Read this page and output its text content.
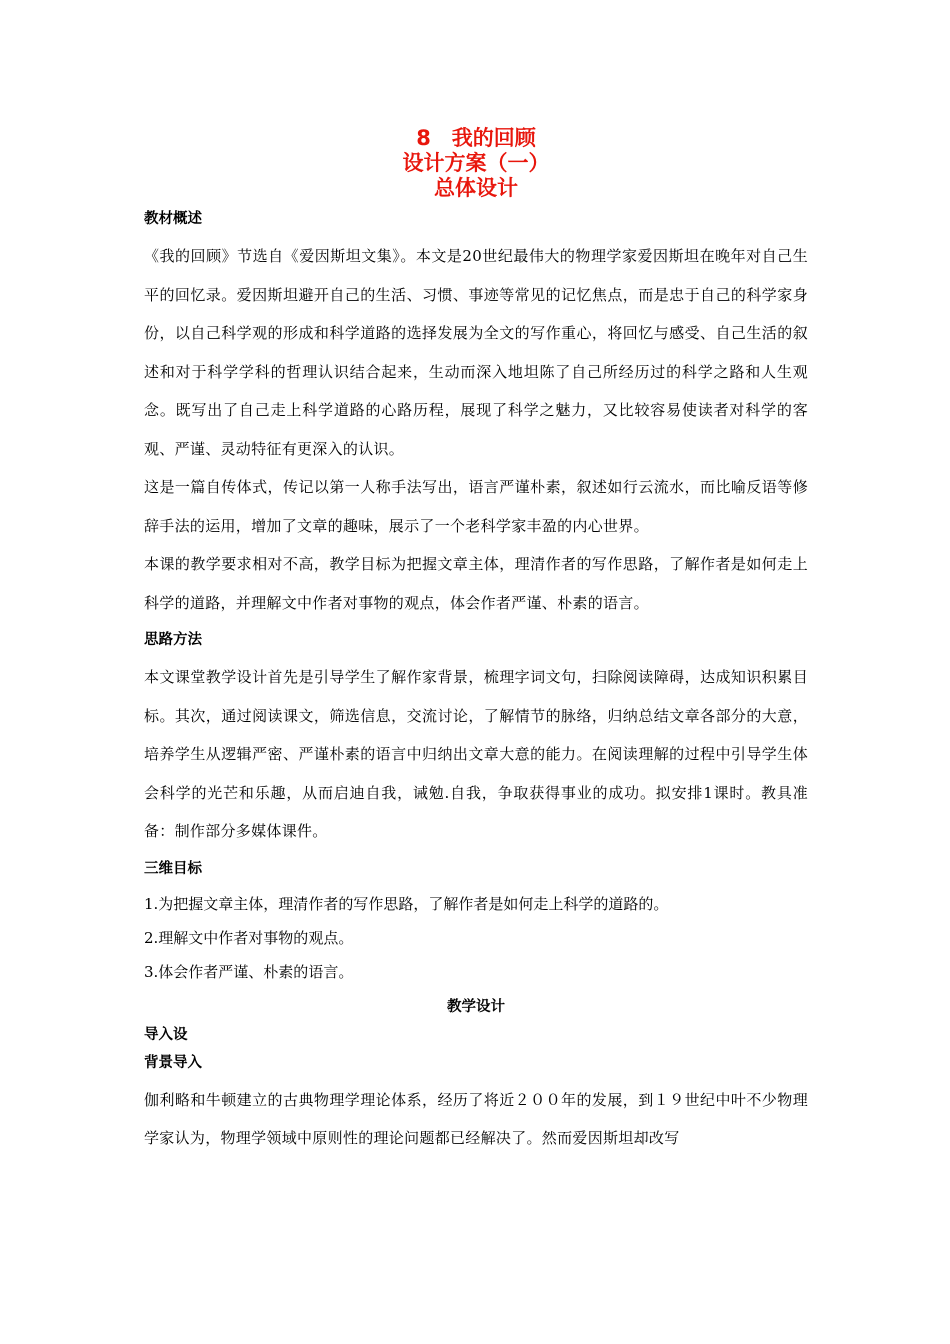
8　我的回顾
设计方案（一）
总体设计
教材概述

《我的回顾》节选自《爱因斯坦文集》。本文是20世纪最伟大的物理学家爱因斯坦在晚年对自己生平的回忆录。爱因斯坦避开自己的生活、习惯、事迹等常见的记忆焦点，而是忠于自己的科学家身份，以自己科学观的形成和科学道路的选择发展为全文的写作重心，将回忆与感受、自己生活的叙述和对于科学学科的哲理认识结合起来，生动而深入地坦陈了自己所经历过的科学之路和人生观念。既写出了自己走上科学道路的心路历程，展现了科学之魅力，又比较容易使读者对科学的客观、严谨、灵动特征有更深入的认识。

这是一篇自传体式，传记以第一人称手法写出，语言严谨朴素，叙述如行云流水，而比喻反语等修辞手法的运用，增加了文章的趣味，展示了一个老科学家丰盈的内心世界。

本课的教学要求相对不高，教学目标为把握文章主体，理清作者的写作思路，了解作者是如何走上科学的道路，并理解文中作者对事物的观点，体会作者严谨、朴素的语言。

思路方法

本文课堂教学设计首先是引导学生了解作家背景，梳理字词文句，扫除阅读障碍，达成知识积累目标。其次，通过阅读课文，筛选信息，交流讨论，了解情节的脉络，归纳总结文章各部分的大意，培养学生从逻辑严密、严谨朴素的语言中归纳出文章大意的能力。在阅读理解的过程中引导学生体会科学的光芒和乐趣，从而启迪自我，诫勉.自我，争取获得事业的成功。拟安排1课时。教具准备：制作部分多媒体课件。

三维目标

1.为把握文章主体，理清作者的写作思路，了解作者是如何走上科学的道路的。

2.理解文中作者对事物的观点。

3.体会作者严谨、朴素的语言。

教学设计
导入设
背景导入

伽利略和牛顿建立的古典物理学理论体系，经历了将近２００年的发展，到１９世纪中叶不少物理学家认为，物理学领域中原则性的理论问题都已经解决了。然而爱因斯坦却改写
